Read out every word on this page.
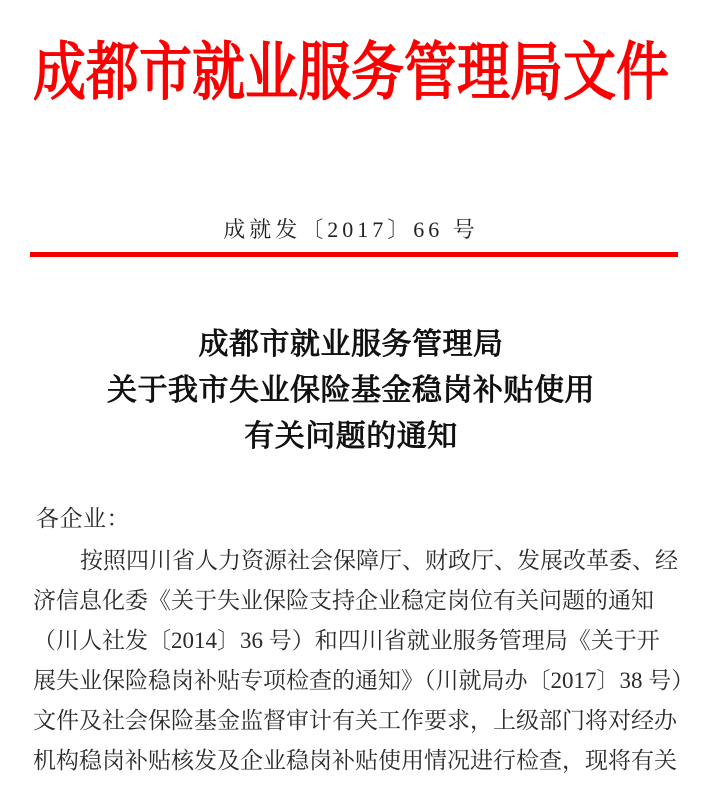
成都市就业服务管理局文件
成就发〔2017〕66 号
成都市就业服务管理局
关于我市失业保险基金稳岗补贴使用
有关问题的通知
各企业：
按照四川省人力资源社会保障厅、财政厅、发展改革委、经
济信息化委《关于失业保险支持企业稳定岗位有关问题的通知
（川人社发〔2014〕36 号）和四川省就业服务管理局《关于开
展失业保险稳岗补贴专项检查的通知》（川就局办〔2017〕38 号）
文件及社会保险基金监督审计有关工作要求，上级部门将对经办
机构稳岗补贴核发及企业稳岗补贴使用情况进行检查，现将有关
